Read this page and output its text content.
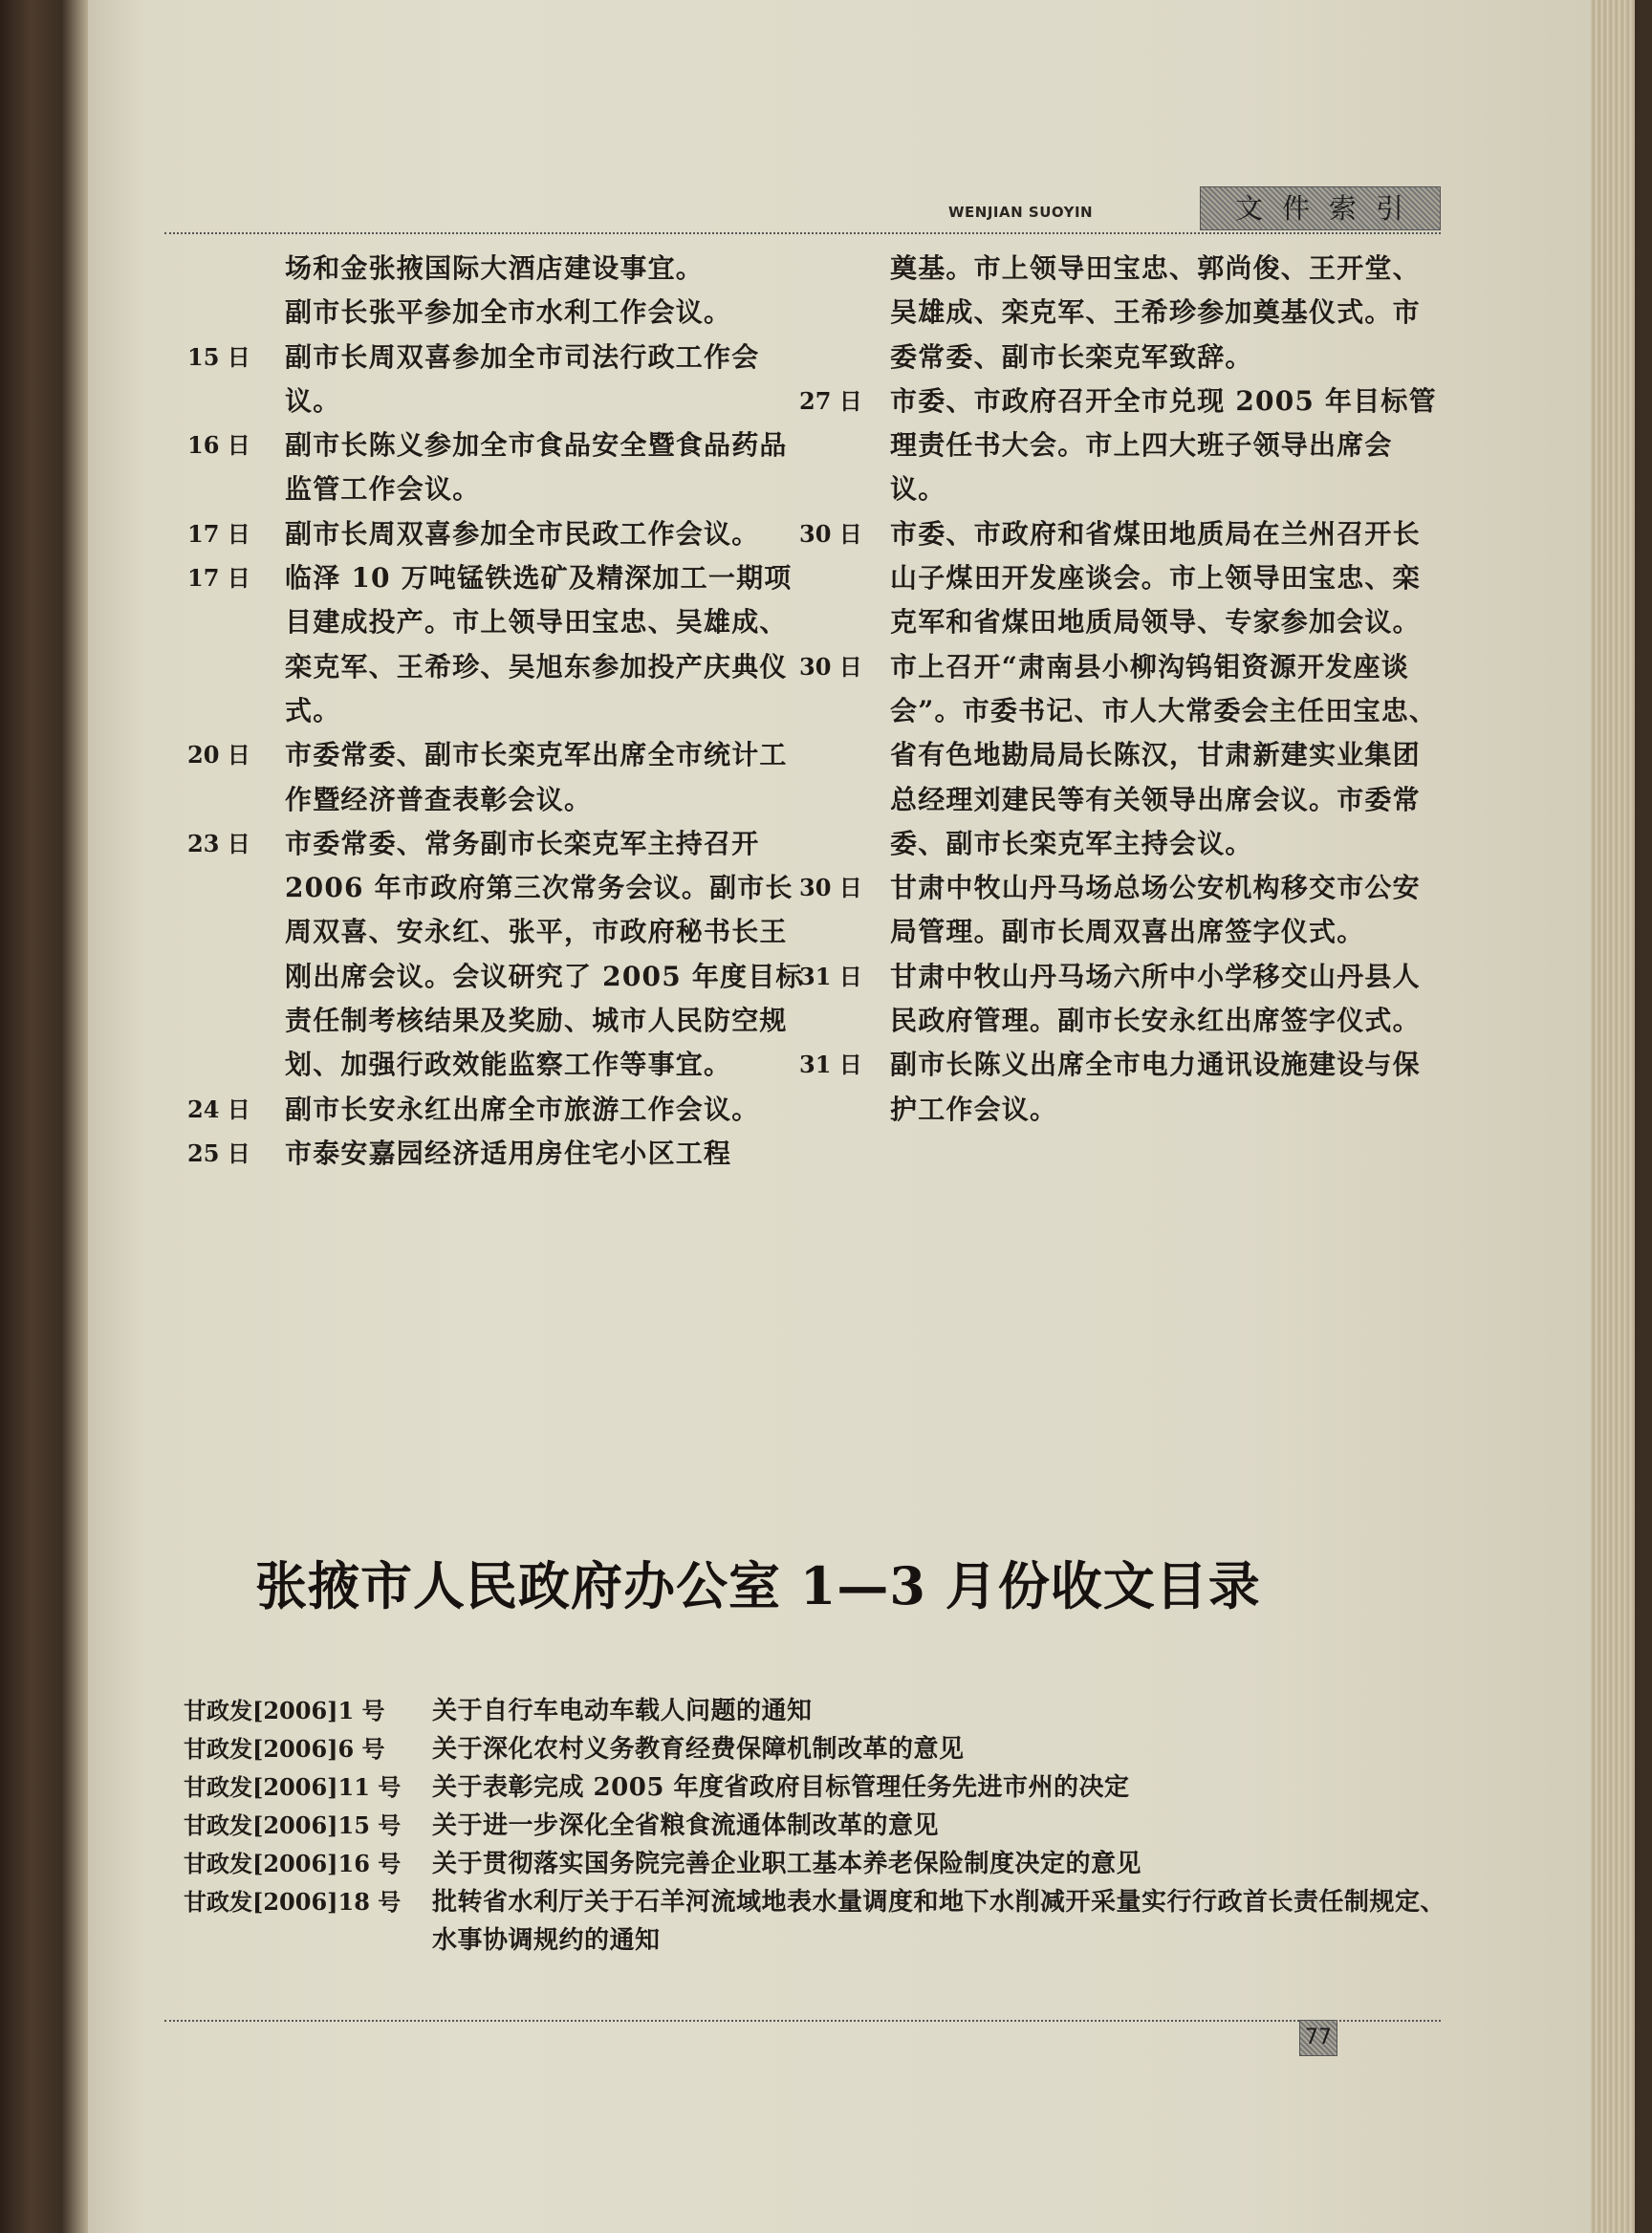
WENJIAN SUOYIN	文件索引
场和金张掖国际大酒店建设事宜。
副市长张平参加全市水利工作会议。
15 日	副市长周双喜参加全市司法行政工作会议。
16 日	副市长陈义参加全市食品安全暨食品药品监管工作会议。
17 日	副市长周双喜参加全市民政工作会议。
17 日	临泽 10 万吨锰铁选矿及精深加工一期项目建成投产。市上领导田宝忠、吴雄成、栾克军、王希珍、吴旭东参加投产庆典仪式。
20 日	市委常委、副市长栾克军出席全市统计工作暨经济普查表彰会议。
23 日	市委常委、常务副市长栾克军主持召开 2006 年市政府第三次常务会议。副市长周双喜、安永红、张平，市政府秘书长王刚出席会议。会议研究了 2005 年度目标责任制考核结果及奖励、城市人民防空规划、加强行政效能监察工作等事宜。
24 日	副市长安永红出席全市旅游工作会议。
25 日	市泰安嘉园经济适用房住宅小区工程
奠基。市上领导田宝忠、郭尚俊、王开堂、吴雄成、栾克军、王希珍参加奠基仪式。市委常委、副市长栾克军致辞。
27 日	市委、市政府召开全市兑现 2005 年目标管理责任书大会。市上四大班子领导出席会议。
30 日	市委、市政府和省煤田地质局在兰州召开长山子煤田开发座谈会。市上领导田宝忠、栾克军和省煤田地质局领导、专家参加会议。
30 日	市上召开“肃南县小柳沟钨钼资源开发座谈会”。市委书记、市人大常委会主任田宝忠、省有色地勘局局长陈汉，甘肃新建实业集团总经理刘建民等有关领导出席会议。市委常委、副市长栾克军主持会议。
30 日	甘肃中牧山丹马场总场公安机构移交市公安局管理。副市长周双喜出席签字仪式。
31 日	甘肃中牧山丹马场六所中小学移交山丹县人民政府管理。副市长安永红出席签字仪式。
31 日	副市长陈义出席全市电力通讯设施建设与保护工作会议。
张掖市人民政府办公室 1—3 月份收文目录
甘政发[2006]1 号	关于自行车电动车载人问题的通知
甘政发[2006]6 号	关于深化农村义务教育经费保障机制改革的意见
甘政发[2006]11 号	关于表彰完成 2005 年度省政府目标管理任务先进市州的决定
甘政发[2006]15 号	关于进一步深化全省粮食流通体制改革的意见
甘政发[2006]16 号	关于贯彻落实国务院完善企业职工基本养老保险制度决定的意见
甘政发[2006]18 号	批转省水利厅关于石羊河流域地表水量调度和地下水削减开采量实行行政首长责任制规定、水事协调规约的通知
77
